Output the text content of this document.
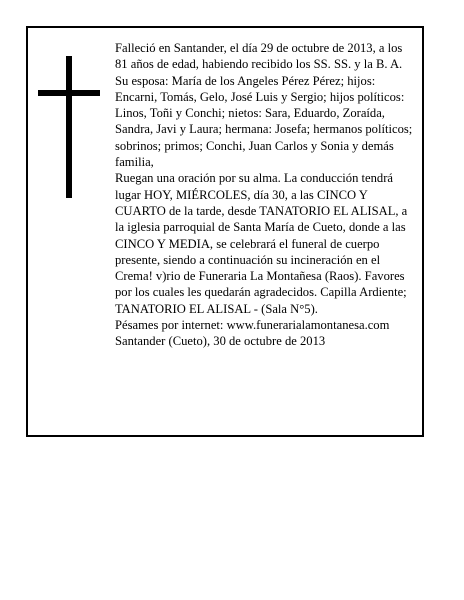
Falleció en Santander, el día 29 de octubre de 2013, a los 81 años de edad, habiendo recibido los SS. SS. y la B. A.

Su esposa: María de los Angeles Pérez Pérez; hijos: Encarni, Tomás, Gelo, José Luis y Sergio; hijos políticos: Linos, Toñi y Conchi; nietos: Sara, Eduardo, Zoraída, Sandra, Javi y Laura; hermana: Josefa; hermanos políticos; sobrinos; primos; Conchi, Juan Carlos y Sonia y demás familia,

Ruegan una oración por su alma. La conducción tendrá lugar HOY, MIÉRCOLES, día 30, a las CINCO Y CUARTO de la tarde, desde TANATORIO EL ALISAL, a la iglesia parroquial de Santa María de Cueto, donde a las CINCO Y MEDIA, se celebrará el funeral de cuerpo presente, siendo a continuación su incineración en el Crema! v)rio de Funeraria La Montañesa (Raos). Favores por los cuales les quedarán agradecidos. Capilla Ardiente; TANATORIO EL ALISAL - (Sala N°5).

Pésames por internet: www.funerarialamontanesa.com

Santander (Cueto), 30 de octubre de 2013
